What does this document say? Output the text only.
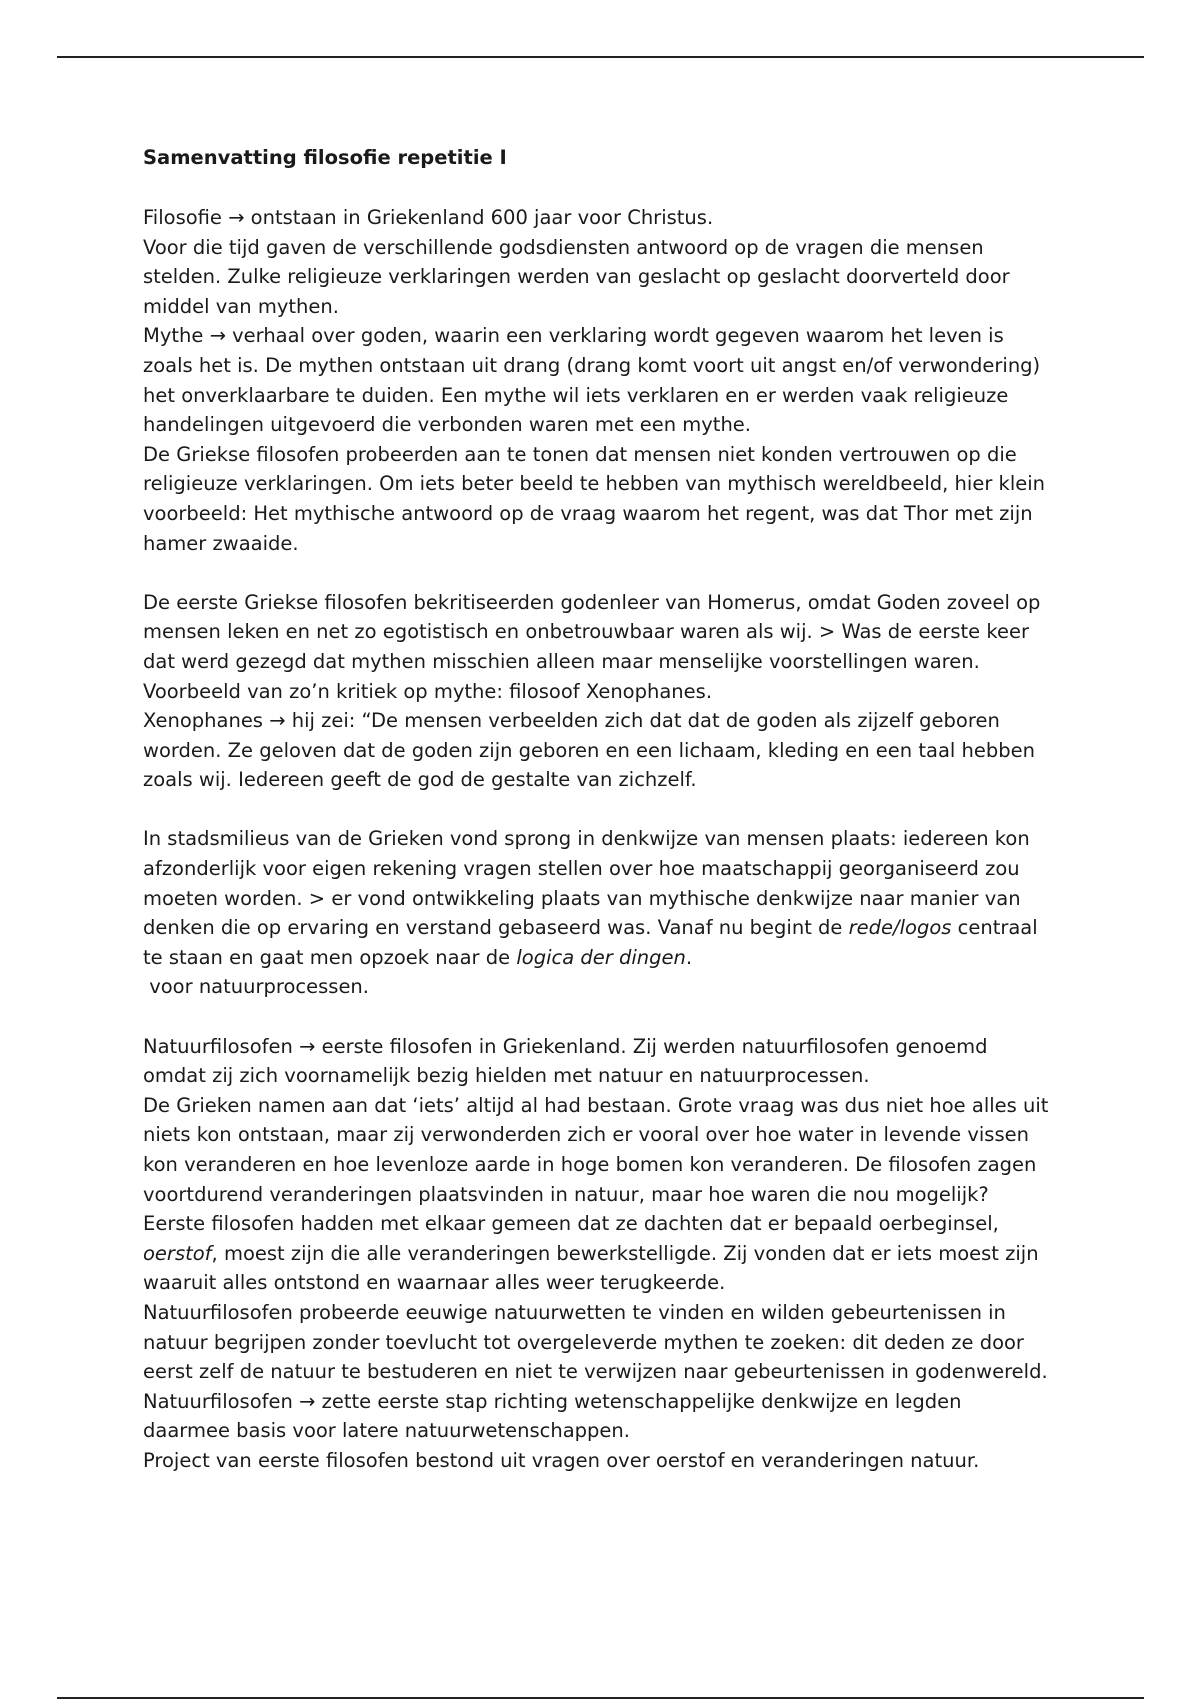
Samenvatting filosofie repetitie I
Filosofie → ontstaan in Griekenland 600 jaar voor Christus.
Voor die tijd gaven de verschillende godsdiensten antwoord op de vragen die mensen
stelden. Zulke religieuze verklaringen werden van geslacht op geslacht doorverteld door
middel van mythen.
Mythe → verhaal over goden, waarin een verklaring wordt gegeven waarom het leven is
zoals het is. De mythen ontstaan uit drang (drang komt voort uit angst en/of verwondering)
het onverklaarbare te duiden. Een mythe wil iets verklaren en er werden vaak religieuze
handelingen uitgevoerd die verbonden waren met een mythe.
De Griekse filosofen probeerden aan te tonen dat mensen niet konden vertrouwen op die
religieuze verklaringen. Om iets beter beeld te hebben van mythisch wereldbeeld, hier klein
voorbeeld: Het mythische antwoord op de vraag waarom het regent, was dat Thor met zijn
hamer zwaaide.
De eerste Griekse filosofen bekritiseerden godenleer van Homerus, omdat Goden zoveel op
mensen leken en net zo egotistisch en onbetrouwbaar waren als wij. > Was de eerste keer
dat werd gezegd dat mythen misschien alleen maar menselijke voorstellingen waren.
Voorbeeld van zo’n kritiek op mythe: filosoof Xenophanes.
Xenophanes → hij zei: “De mensen verbeelden zich dat dat de goden als zijzelf geboren
worden. Ze geloven dat de goden zijn geboren en een lichaam, kleding en een taal hebben
zoals wij. Iedereen geeft de god de gestalte van zichzelf.
In stadsmilieus van de Grieken vond sprong in denkwijze van mensen plaats: iedereen kon
afzonderlijk voor eigen rekening vragen stellen over hoe maatschappij georganiseerd zou
moeten worden. > er vond ontwikkeling plaats van mythische denkwijze naar manier van
denken die op ervaring en verstand gebaseerd was. Vanaf nu begint de rede/logos centraal
te staan en gaat men opzoek naar de logica der dingen.
voor natuurprocessen.
Natuurfilosofen → eerste filosofen in Griekenland. Zij werden natuurfilosofen genoemd
omdat zij zich voornamelijk bezig hielden met natuur en natuurprocessen.
De Grieken namen aan dat ‘iets’ altijd al had bestaan. Grote vraag was dus niet hoe alles uit
niets kon ontstaan, maar zij verwonderden zich er vooral over hoe water in levende vissen
kon veranderen en hoe levenloze aarde in hoge bomen kon veranderen. De filosofen zagen
voortdurend veranderingen plaatsvinden in natuur, maar hoe waren die nou mogelijk?
Eerste filosofen hadden met elkaar gemeen dat ze dachten dat er bepaald oerbeginsel,
oerstof, moest zijn die alle veranderingen bewerkstelligde. Zij vonden dat er iets moest zijn
waaruit alles ontstond en waarnaar alles weer terugkeerde.
Natuurfilosofen probeerde eeuwige natuurwetten te vinden en wilden gebeurtenissen in
natuur begrijpen zonder toevlucht tot overgeleverde mythen te zoeken: dit deden ze door
eerst zelf de natuur te bestuderen en niet te verwijzen naar gebeurtenissen in godenwereld.
Natuurfilosofen → zette eerste stap richting wetenschappelijke denkwijze en legden
daarmee basis voor latere natuurwetenschappen.
Project van eerste filosofen bestond uit vragen over oerstof en veranderingen natuur.
